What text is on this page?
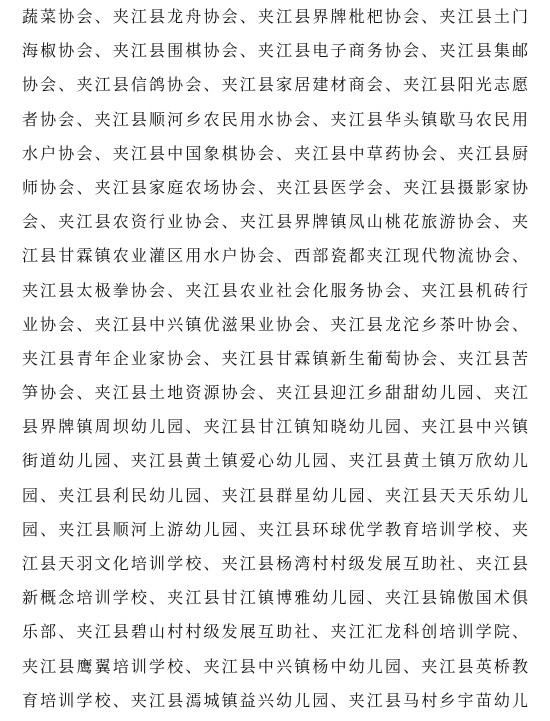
蔬菜协会、夹江县龙舟协会、夹江县界牌枇杷协会、夹江县土门
海椒协会、夹江县围棋协会、夹江县电子商务协会、夹江县集邮
协会、夹江县信鸽协会、夹江县家居建材商会、夹江县阳光志愿
者协会、夹江县顺河乡农民用水协会、夹江县华头镇歇马农民用
水户协会、夹江县中国象棋协会、夹江县中草药协会、夹江县厨
师协会、夹江县家庭农场协会、夹江县医学会、夹江县摄影家协
会、夹江县农资行业协会、夹江县界牌镇凤山桃花旅游协会、夹
江县甘霖镇农业灌区用水户协会、西部瓷都夹江现代物流协会、
夹江县太极拳协会、夹江县农业社会化服务协会、夹江县机砖行
业协会、夹江县中兴镇优滋果业协会、夹江县龙沱乡茶叶协会、
夹江县青年企业家协会、夹江县甘霖镇新生葡萄协会、夹江县苦
笋协会、夹江县土地资源协会、夹江县迎江乡甜甜幼儿园、夹江
县界牌镇周坝幼儿园、夹江县甘江镇知晓幼儿园、夹江县中兴镇
街道幼儿园、夹江县黄土镇爱心幼儿园、夹江县黄土镇万欣幼儿
园、夹江县利民幼儿园、夹江县群星幼儿园、夹江县天天乐幼儿
园、夹江县顺河上游幼儿园、夹江县环球优学教育培训学校、夹
江县天羽文化培训学校、夹江县杨湾村村级发展互助社、夹江县
新概念培训学校、夹江县甘江镇博雅幼儿园、夹江县锦傲国术俱
乐部、夹江县碧山村村级发展互助社、夹江汇龙科创培训学院、
夹江县鹰翼培训学校、夹江县中兴镇杨中幼儿园、夹江县英桥教
育培训学校、夹江县漹城镇益兴幼儿园、夹江县马村乡宇苗幼儿
